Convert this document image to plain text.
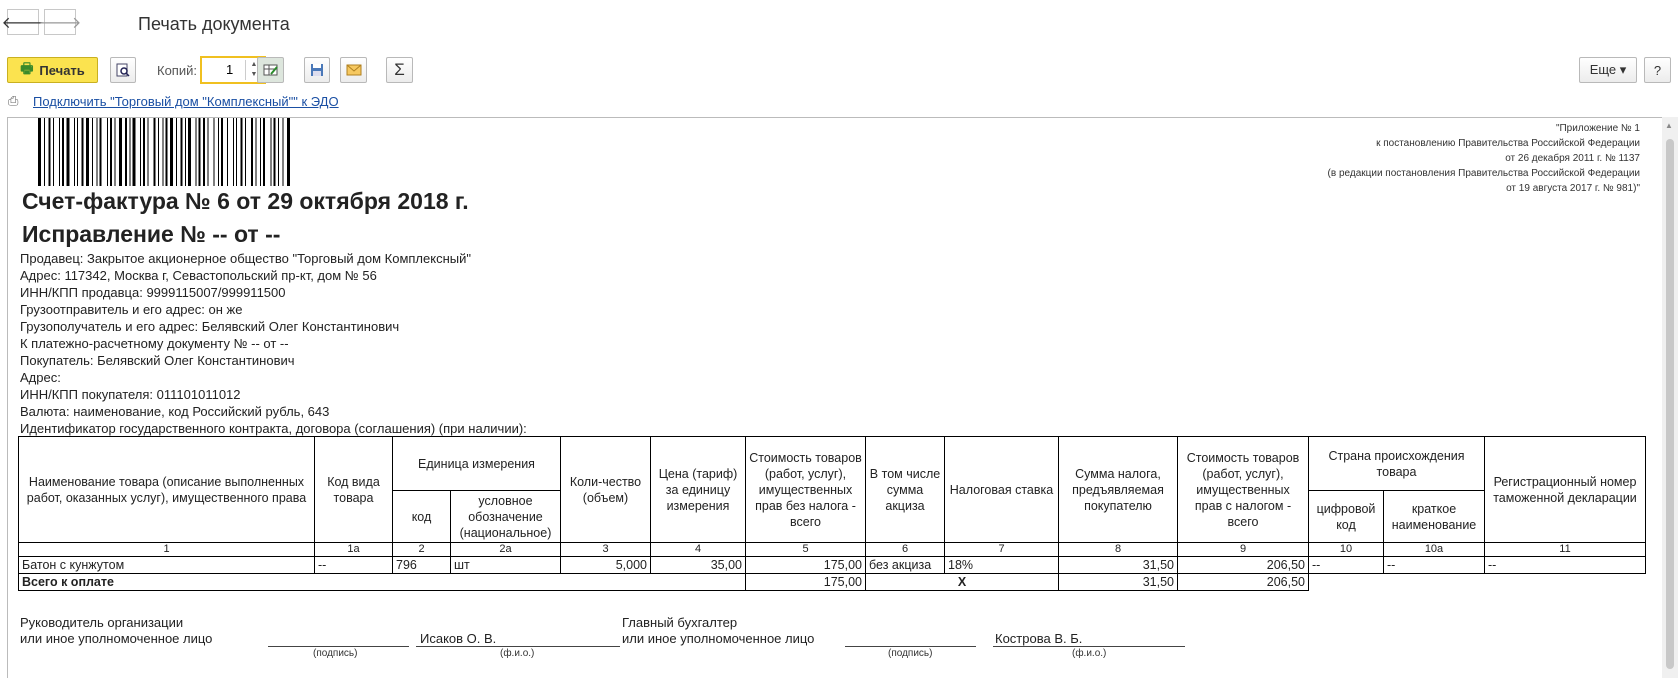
🡐
🡒	Печать документа
🖶 Печать	Копий: 1	▲
▼	Σ	Еще ▾ ?
⎙ Подключить "Торговый дом "Комплексный"" к ЭДО
▲
"Приложение № 1
к постановлению Правительства Российской Федерации
от 26 декабря 2011 г. № 1137
(в редакции постановления Правительства Российской Федерации
от 19 августа 2017 г. № 981)"
Счет-фактура № 6 от 29 октября 2018 г.
Исправление № -- от --
Продавец: Закрытое акционерное общество "Торговый дом Комплексный"
Адрес: 117342, Москва г, Севастопольский пр-кт, дом № 56
ИНН/КПП продавца: 9999115007/999911500
Грузоотправитель и его адрес: он же
Грузополучатель и его адрес: Белявский Олег Константинович
К платежно-расчетному документу № -- от --
Покупатель: Белявский Олег Константинович
Адрес:
ИНН/КПП покупателя: 011101011012
Валюта: наименование, код Российский рубль, 643
Идентификатор государственного контракта, договора (соглашения) (при наличии):
Наименование товара (описание выполненных работ, оказанных услуг), имущественного права	Код вида товара	Единица измерения		Коли-чество (объем)	Цена (тариф) за единицу измерения	Стоимость товаров (работ, услуг), имущественных прав без налога - всего	В том числе сумма акциза	Налоговая ставка	Сумма налога, предъявляемая покупателю	Стоимость товаров (работ, услуг), имущественных прав с налогом - всего	Страна происхождения товара		Регистрационный номер таможенной декларации
		код	условное обозначение (национальное)								цифровой код	краткое наименование	
1	1а	2	2а	3	4	5	6	7	8	9	10	10а	11
Батон с кунжутом	--	796	шт	5,000	35,00	175,00	без акциза	18%	31,50	206,50	--	--	--
Всего к оплате						175,00	X		31,50	206,50			
Руководитель организации
или иное уполномоченное лицо
(подпись)
Исаков О. В.
(ф.и.о.)
Главный бухгалтер
или иное уполномоченное лицо
(подпись)
Кострова В. Б.
(ф.и.о.)
